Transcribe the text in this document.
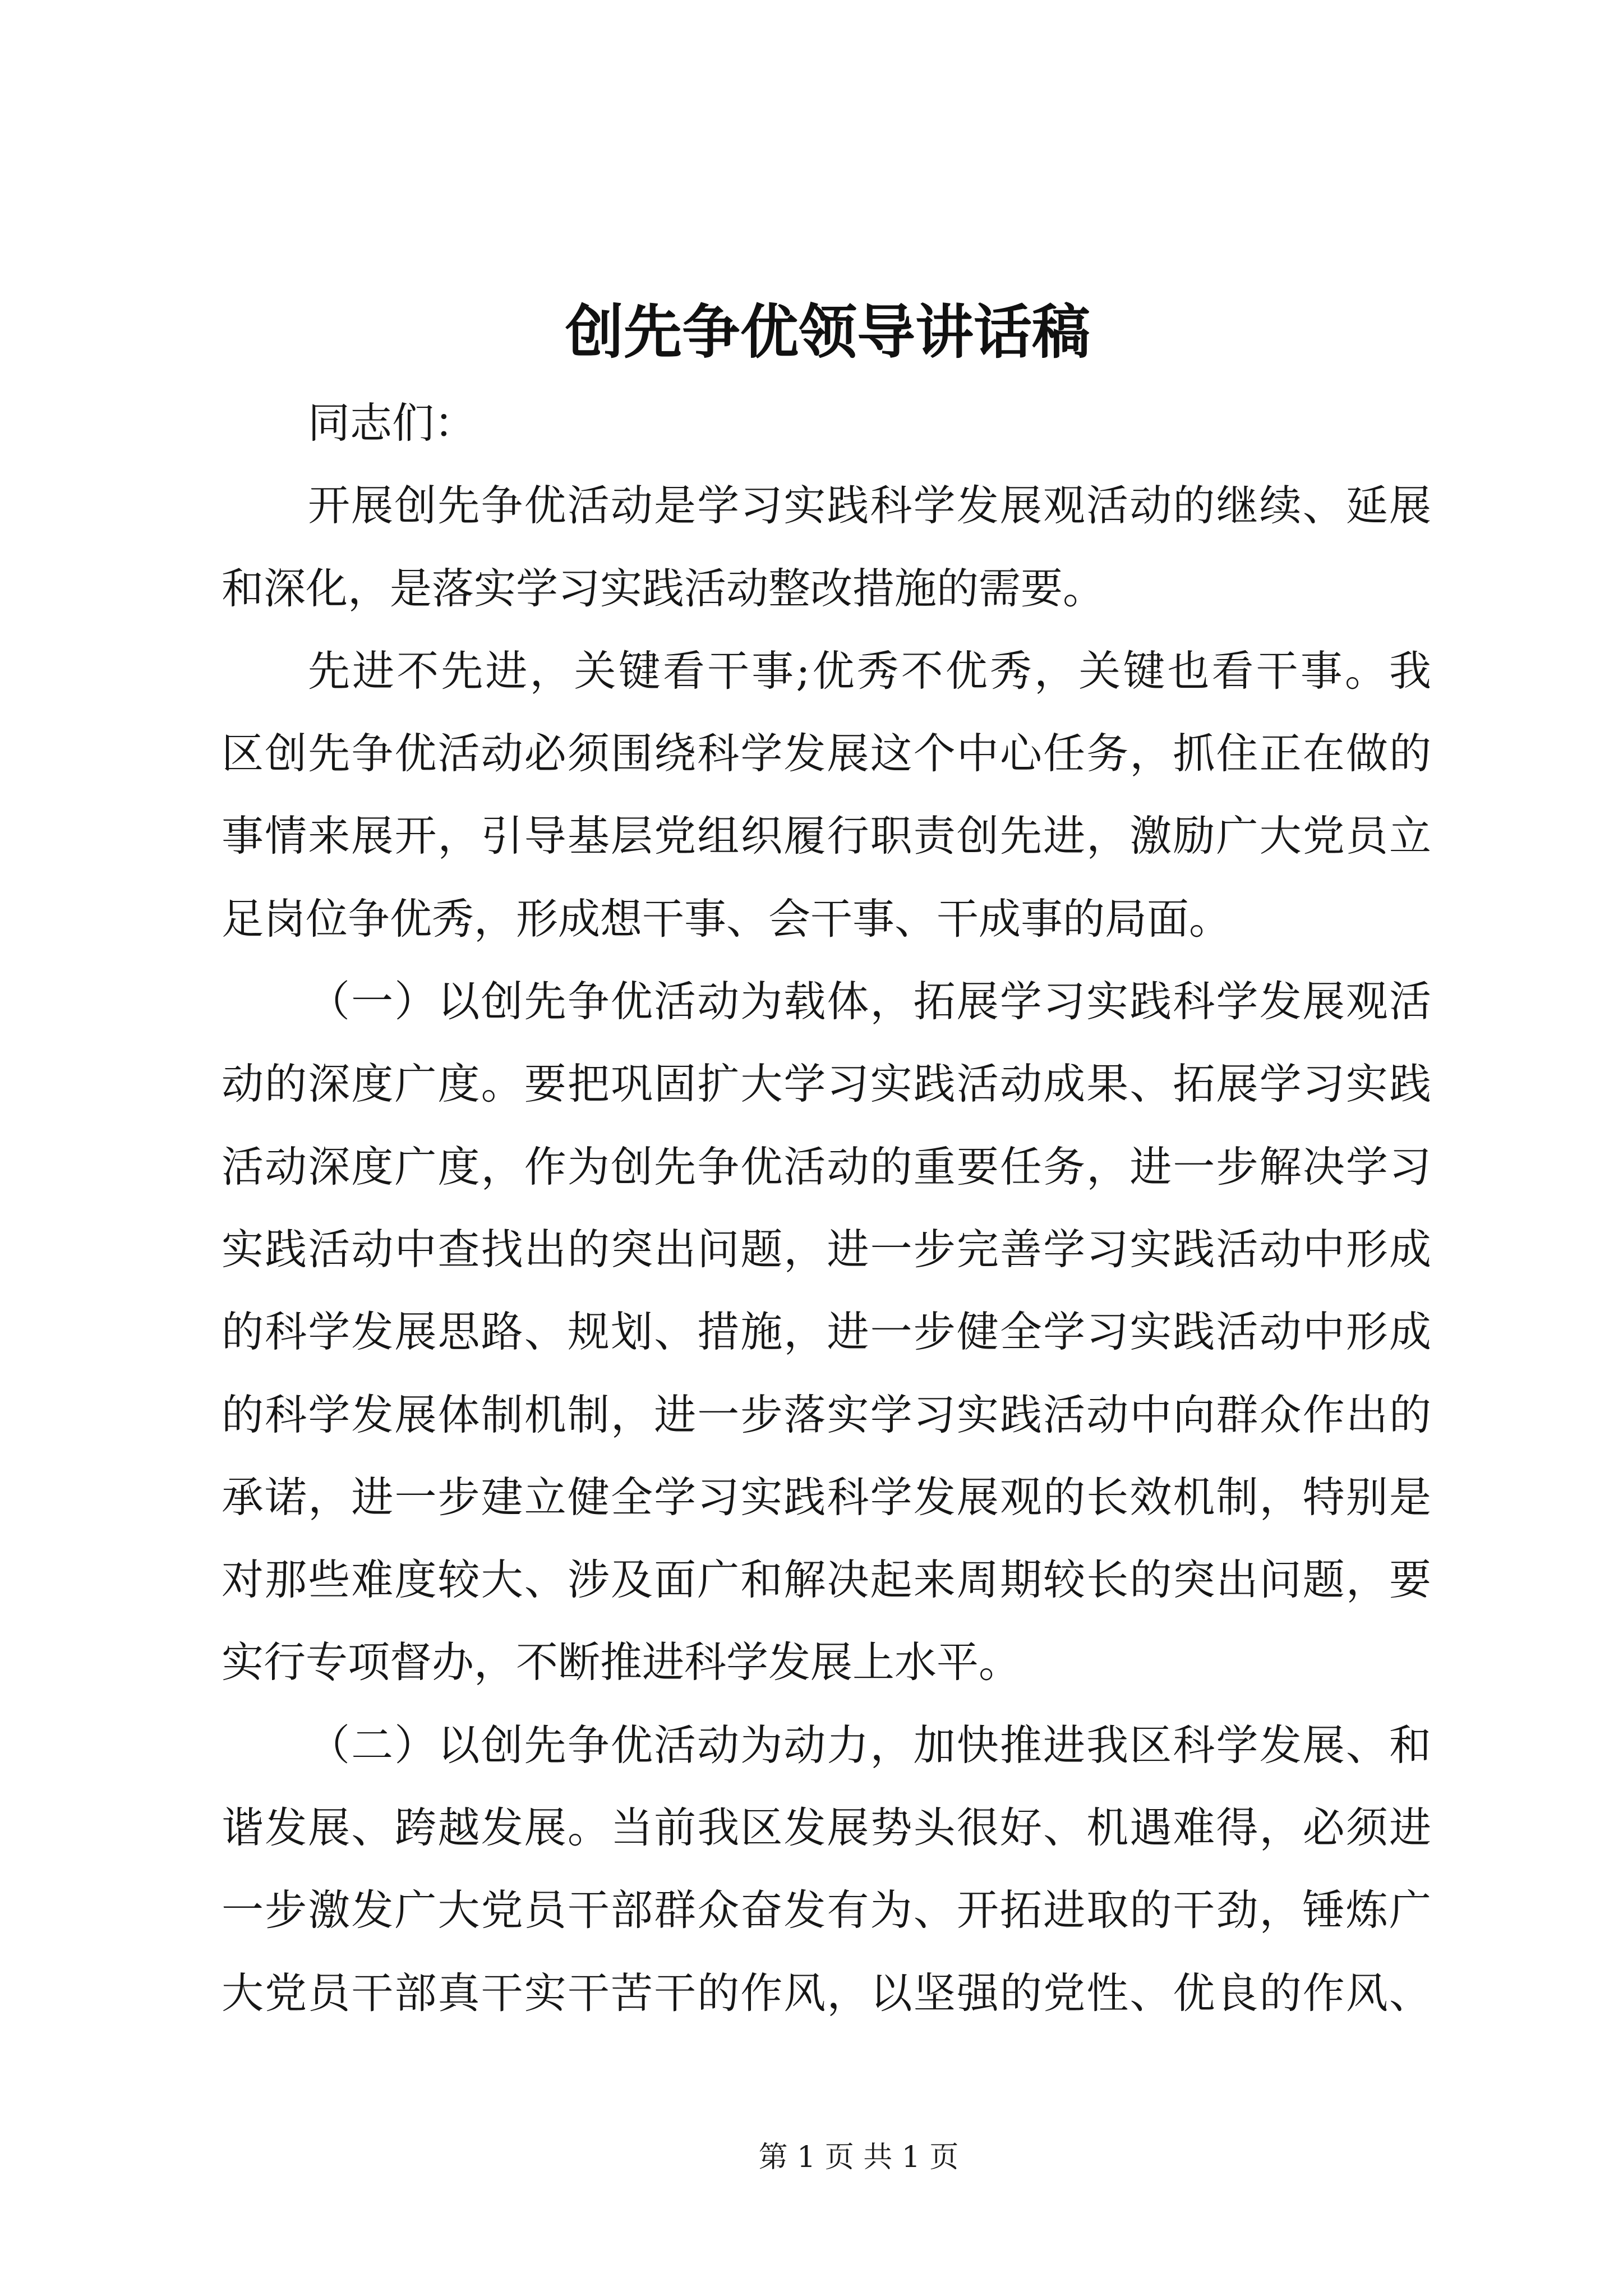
创先争优领导讲话稿
同志们：
开展创先争优活动是学习实践科学发展观活动的继续、延展
和深化，是落实学习实践活动整改措施的需要。
先进不先进，关键看干事;优秀不优秀，关键也看干事。我
区创先争优活动必须围绕科学发展这个中心任务，抓住正在做的
事情来展开，引导基层党组织履行职责创先进，激励广大党员立
足岗位争优秀，形成想干事、会干事、干成事的局面。
（一）以创先争优活动为载体，拓展学习实践科学发展观活
动的深度广度。要把巩固扩大学习实践活动成果、拓展学习实践
活动深度广度，作为创先争优活动的重要任务，进一步解决学习
实践活动中查找出的突出问题，进一步完善学习实践活动中形成
的科学发展思路、规划、措施，进一步健全学习实践活动中形成
的科学发展体制机制，进一步落实学习实践活动中向群众作出的
承诺，进一步建立健全学习实践科学发展观的长效机制，特别是
对那些难度较大、涉及面广和解决起来周期较长的突出问题，要
实行专项督办，不断推进科学发展上水平。
（二）以创先争优活动为动力，加快推进我区科学发展、和
谐发展、跨越发展。当前我区发展势头很好、机遇难得，必须进
一步激发广大党员干部群众奋发有为、开拓进取的干劲，锤炼广
大党员干部真干实干苦干的作风，以坚强的党性、优良的作风、
第 1 页 共 1 页
